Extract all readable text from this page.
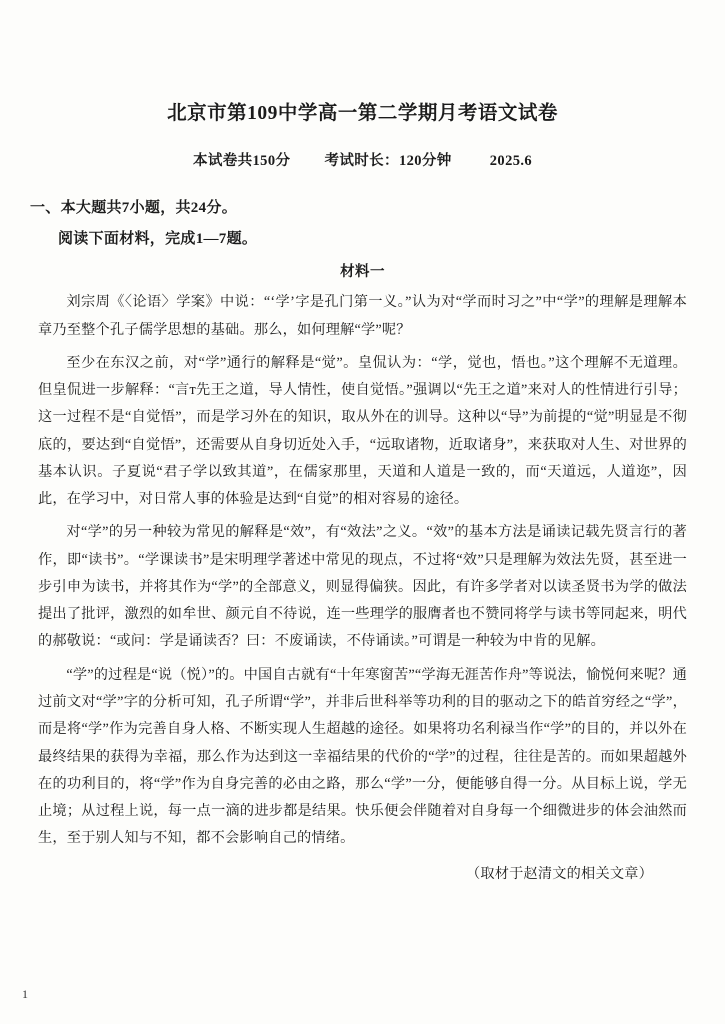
北京市第109中学高一第二学期月考语文试卷
本试卷共150分 考试时长：120分钟	2025.6
一、本大题共7小题，共24分。
阅读下面材料，完成1—7题。
材料一

刘宗周《〈论语〉学案》中说：“‘学’字是孔门第一义。”认为对“学而时习之”中“学”的理解是理解本章乃至整个孔子儒学思想的基础。那么，如何理解“学”呢？

至少在东汉之前，对“学”通行的解释是“觉”。皇侃认为：“学，觉也，悟也。”这个理解不无道理。但皇侃进一步解释：“言т先王之道，导人情性，使自觉悟。”强调以“先王之道”来对人的性情进行引导；这一过程不是“自觉悟”，而是学习外在的知识，取从外在的训导。这种以“导”为前提的“觉”明显是不彻底的，要达到“自觉悟”，还需要从自身切近处入手，“远取诸物，近取诸身”，来获取对人生、对世界的基本认识。子夏说“君子学以致其道”，在儒家那里，天道和人道是一致的，而“天道远，人道迩”，因此，在学习中，对日常人事的体验是达到“自觉”的相对容易的途径。

对“学”的另一种较为常见的解释是“效”，有“效法”之义。“效”的基本方法是诵读记载先贤言行的著作，即“读书”。“学课读书”是宋明理学著述中常见的现点，不过将“效”只是理解为效法先贤，甚至进一步引申为读书，并将其作为“学”的全部意义，则显得偏狭。因此，有许多学者对以读圣贤书为学的做法提出了批评，激烈的如牟世、颜元自不待说，连一些理学的服膺者也不赞同将学与读书等同起来，明代的郝敬说：“或问：学是诵读否？曰：不废诵读，不侍诵读。”可谓是一种较为中肯的见解。

“学”的过程是“说（悦）”的。中国自古就有“十年寒窗苦”“学海无涯苦作舟”等说法，愉悦何来呢？通过前文对“学”字的分析可知，孔子所谓“学”，并非后世科举等功利的目的驱动之下的皓首穷经之“学”，而是将“学”作为完善自身人格、不断实现人生超越的途径。如果将功名利禄当作“学”的目的，并以外在最终结果的获得为幸福，那么作为达到这一幸福结果的代价的“学”的过程，往往是苦的。而如果超越外在的功利目的，将“学”作为自身完善的必由之路，那么“学”一分，便能够自得一分。从目标上说，学无止境；从过程上说，每一点一滴的进步都是结果。快乐便会伴随着对自身每一个细微进步的体会油然而生，至于别人知与不知，都不会影响自己的情绪。

（取材于赵清文的相关文章）
1
